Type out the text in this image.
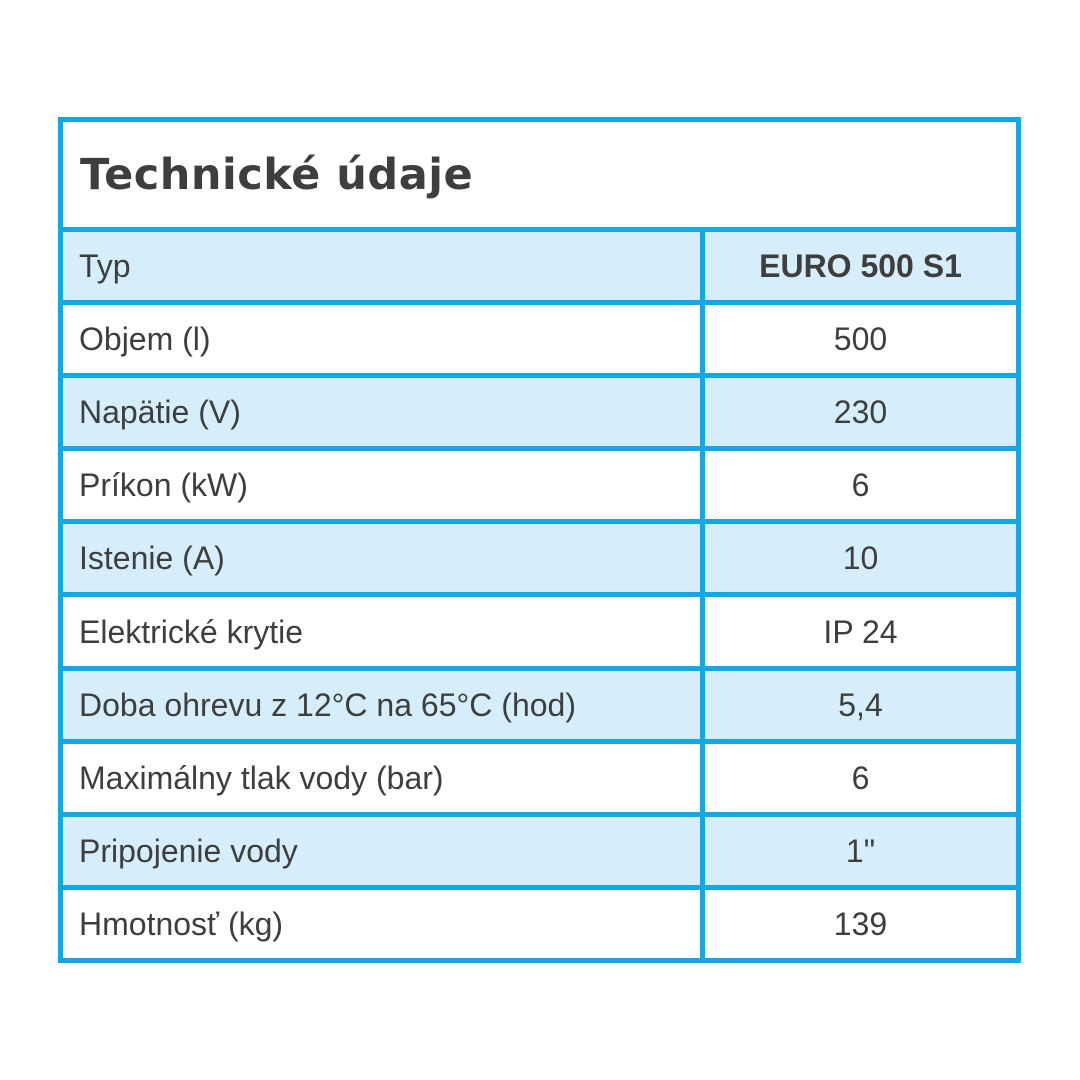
Technické údaje
Typ	EURO 500 S1
Objem (l)	500
Napätie (V)	230
Príkon (kW)	6
Istenie (A)	10
Elektrické krytie	IP 24
Doba ohrevu z 12°C na 65°C (hod)	5,4
Maximálny tlak vody (bar)	6
Pripojenie vody	1"
Hmotnosť (kg)	139
